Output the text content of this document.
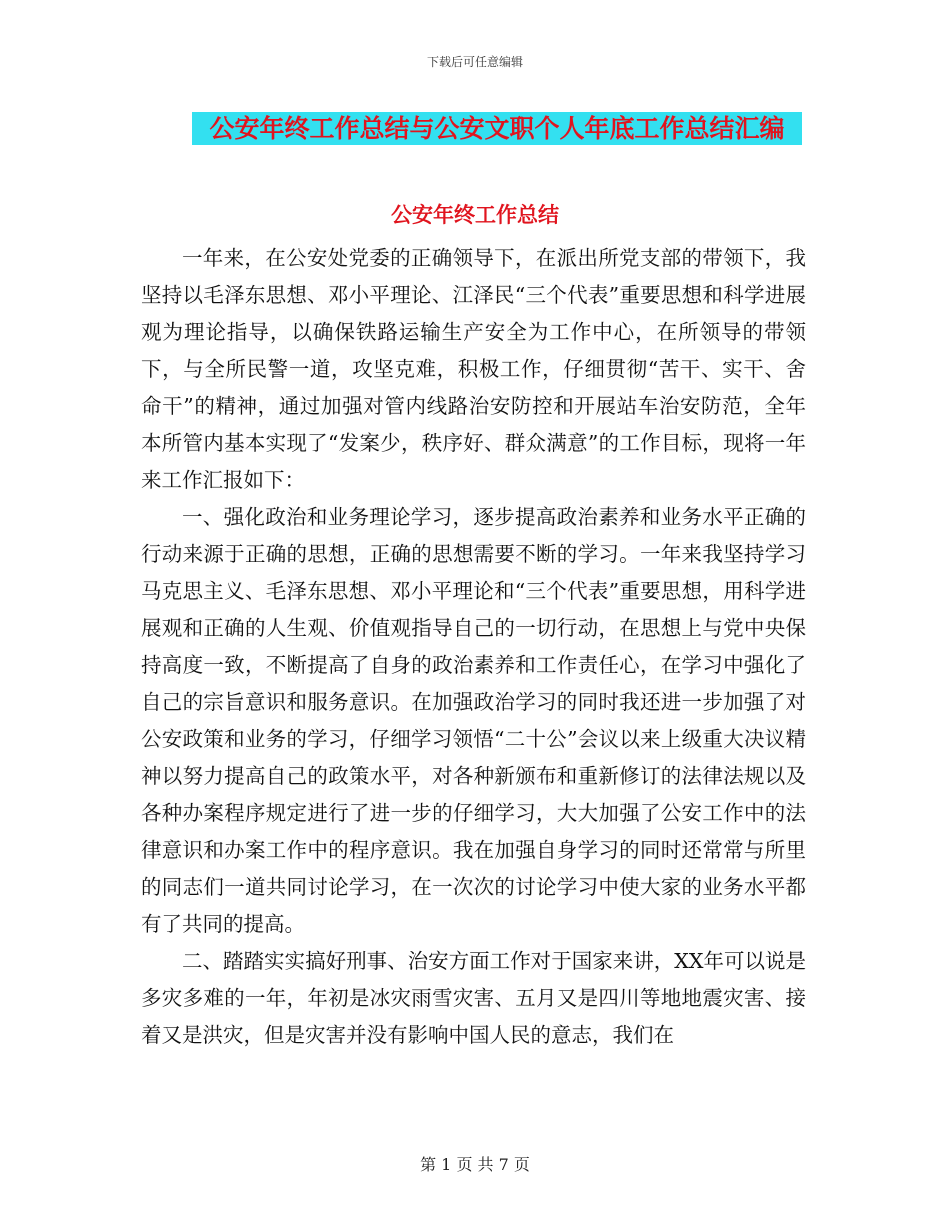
下载后可任意编辑
公安年终工作总结与公安文职个人年底工作总结汇编
公安年终工作总结

一年来，在公安处党委的正确领导下，在派出所党支部的带领下，我坚持以毛泽东思想、邓小平理论、江泽民“三个代表”重要思想和科学进展观为理论指导，以确保铁路运输生产安全为工作中心，在所领导的带领下，与全所民警一道，攻坚克难，积极工作，仔细贯彻“苦干、实干、舍命干”的精神，通过加强对管内线路治安防控和开展站车治安防范，全年本所管内基本实现了“发案少，秩序好、群众满意”的工作目标，现将一年来工作汇报如下：

一、强化政治和业务理论学习，逐步提高政治素养和业务水平正确的行动来源于正确的思想，正确的思想需要不断的学习。一年来我坚持学习马克思主义、毛泽东思想、邓小平理论和“三个代表”重要思想，用科学进展观和正确的人生观、价值观指导自己的一切行动，在思想上与党中央保持高度一致，不断提高了自身的政治素养和工作责任心，在学习中强化了自己的宗旨意识和服务意识。在加强政治学习的同时我还进一步加强了对公安政策和业务的学习，仔细学习领悟“二十公”会议以来上级重大决议精神以努力提高自己的政策水平，对各种新颁布和重新修订的法律法规以及各种办案程序规定进行了进一步的仔细学习，大大加强了公安工作中的法律意识和办案工作中的程序意识。我在加强自身学习的同时还常常与所里的同志们一道共同讨论学习，在一次次的讨论学习中使大家的业务水平都有了共同的提高。

二、踏踏实实搞好刑事、治安方面工作对于国家来讲，XX年可以说是多灾多难的一年，年初是冰灾雨雪灾害、五月又是四川等地地震灾害、接着又是洪灾，但是灾害并没有影响中国人民的意志，我们在

第 1 页 共 7 页
